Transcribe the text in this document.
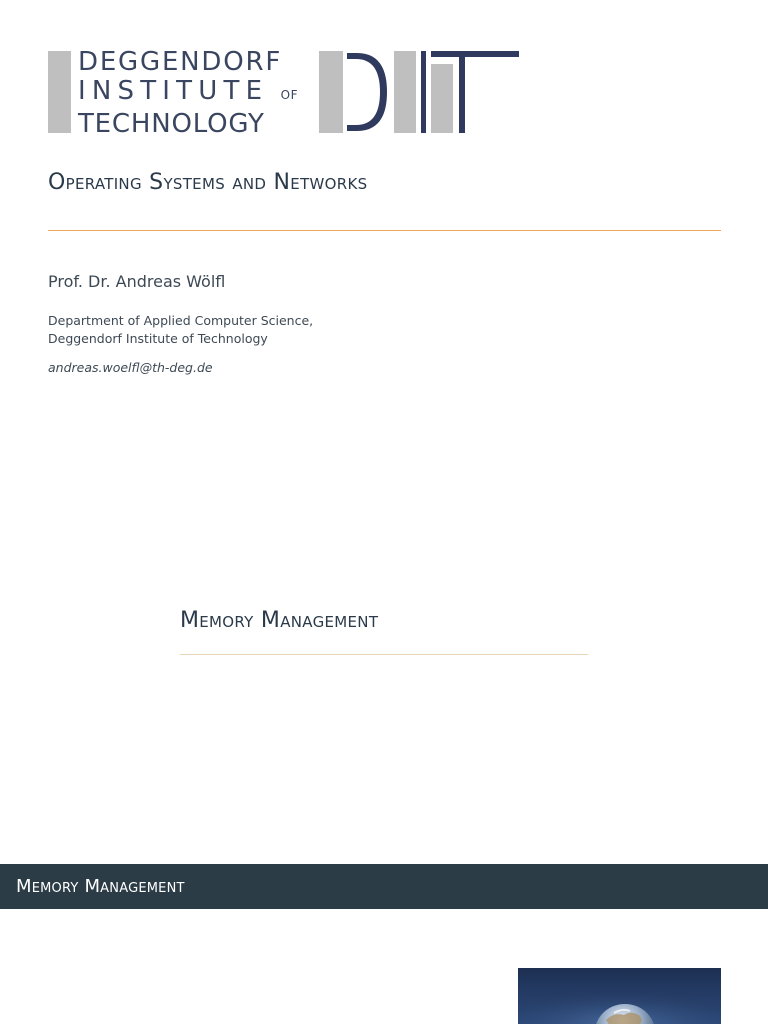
DEGGENDORF
INSTITUTE OF
TECHNOLOGY
Operating Systems and Networks
Prof. Dr. Andreas Wölfl
Department of Applied Computer Science,
Deggendorf Institute of Technology
andreas.woelfl@th-deg.de
Memory Management
Memory Management
